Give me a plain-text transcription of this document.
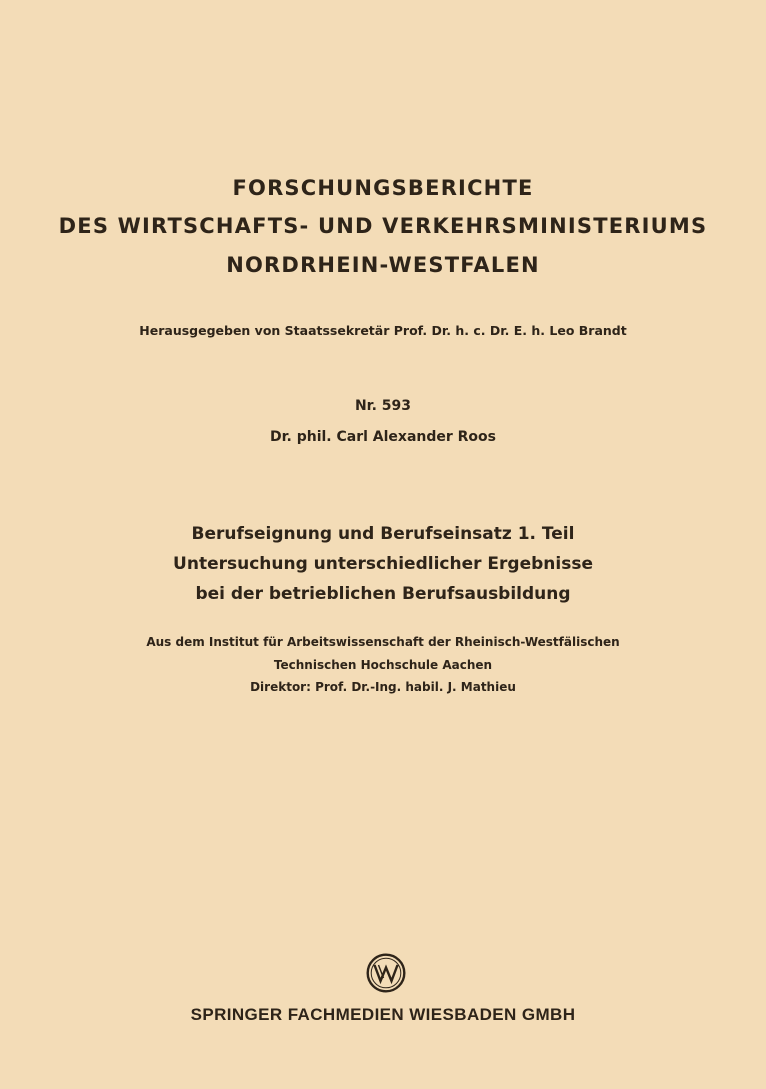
FORSCHUNGSBERICHTE
DES WIRTSCHAFTS- UND VERKEHRSMINISTERIUMS
NORDRHEIN-WESTFALEN
Herausgegeben von Staatssekretär Prof. Dr. h. c. Dr. E. h. Leo Brandt
Nr. 593
Dr. phil. Carl Alexander Roos
Berufseignung und Berufseinsatz 1. Teil
Untersuchung unterschiedlicher Ergebnisse
bei der betrieblichen Berufsausbildung
Aus dem Institut für Arbeitswissenschaft der Rheinisch-Westfälischen
Technischen Hochschule Aachen
Direktor: Prof. Dr.-Ing. habil. J. Mathieu
SPRINGER FACHMEDIEN WIESBADEN GMBH
